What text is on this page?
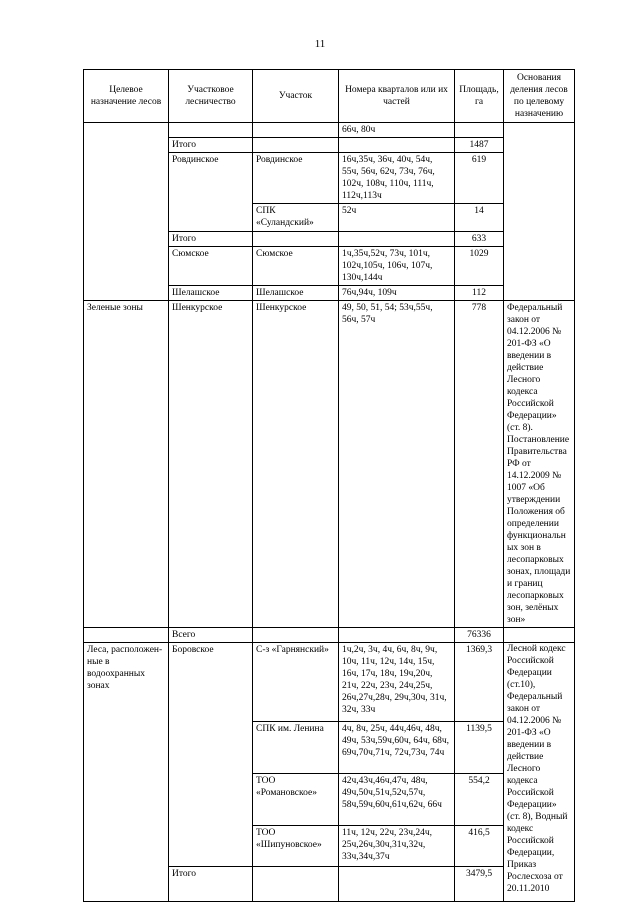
11
Целевое назначение лесов	Участковое лесничество	Участок	Номера кварталов или их частей	Площадь, га	Основания деления лесов по целевому назначению
			66ч, 80ч		
	Итого			1487	
	Ровдинское	Ровдинское	16ч,35ч, 36ч, 40ч, 54ч, 55ч, 56ч, 62ч, 73ч, 76ч, 102ч, 108ч, 110ч, 111ч, 112ч,113ч	619	
		СПК «Суландский»	52ч	14	
	Итого			633	
	Сюмское	Сюмское	1ч,35ч,52ч, 73ч, 101ч, 102ч,105ч, 106ч, 107ч, 130ч,144ч	1029	
	Шелашское	Шелашское	76ч,94ч, 109ч	112	
Зеленые зоны	Шенкурское	Шенкурское	49, 50, 51, 54; 53ч,55ч, 56ч, 57ч	778	Федеральный закон от 04.12.2006 № 201-ФЗ «О введении в действие Лесного кодекса Российской Федерации» (ст. 8). Постановление Правительства РФ от 14.12.2009 № 1007 «Об утверждении Положения об определении функциональных зон в лесопарковых зонах, площади и границ лесопарковых зон, зелёных зон»
	Всего			76336	
Леса, расположен-ные в водоохранных зонах	Боровское	С-з «Гарнянский»	1ч,2ч, 3ч, 4ч, 6ч, 8ч, 9ч, 10ч, 11ч, 12ч, 14ч, 15ч, 16ч, 17ч, 18ч, 19ч,20ч, 21ч, 22ч, 23ч, 24ч,25ч, 26ч,27ч,28ч, 29ч,30ч, 31ч, 32ч, 33ч	1369,3	Лесной кодекс Российской Федерации (ст.10), Федеральный закон от 04.12.2006 № 201-ФЗ «О введении в действие Лесного кодекса Российской Федерации» (ст. 8), Водный кодекс Российской Федерации, Приказ Рослесхоза от 20.11.2010

		СПК им. Ленина	4ч, 8ч, 25ч, 44ч,46ч, 48ч, 49ч, 53ч,59ч,60ч, 64ч, 68ч, 69ч,70ч,71ч, 72ч,73ч, 74ч	1139,5	
		ТОО «Романовское»	42ч,43ч,46ч,47ч, 48ч, 49ч,50ч,51ч,52ч,57ч, 58ч,59ч,60ч,61ч,62ч, 66ч	554,2	
		ТОО «Шипуновское»	11ч, 12ч, 22ч, 23ч,24ч, 25ч,26ч,30ч,31ч,32ч, 33ч,34ч,37ч	416,5	
	Итого			3479,5	
